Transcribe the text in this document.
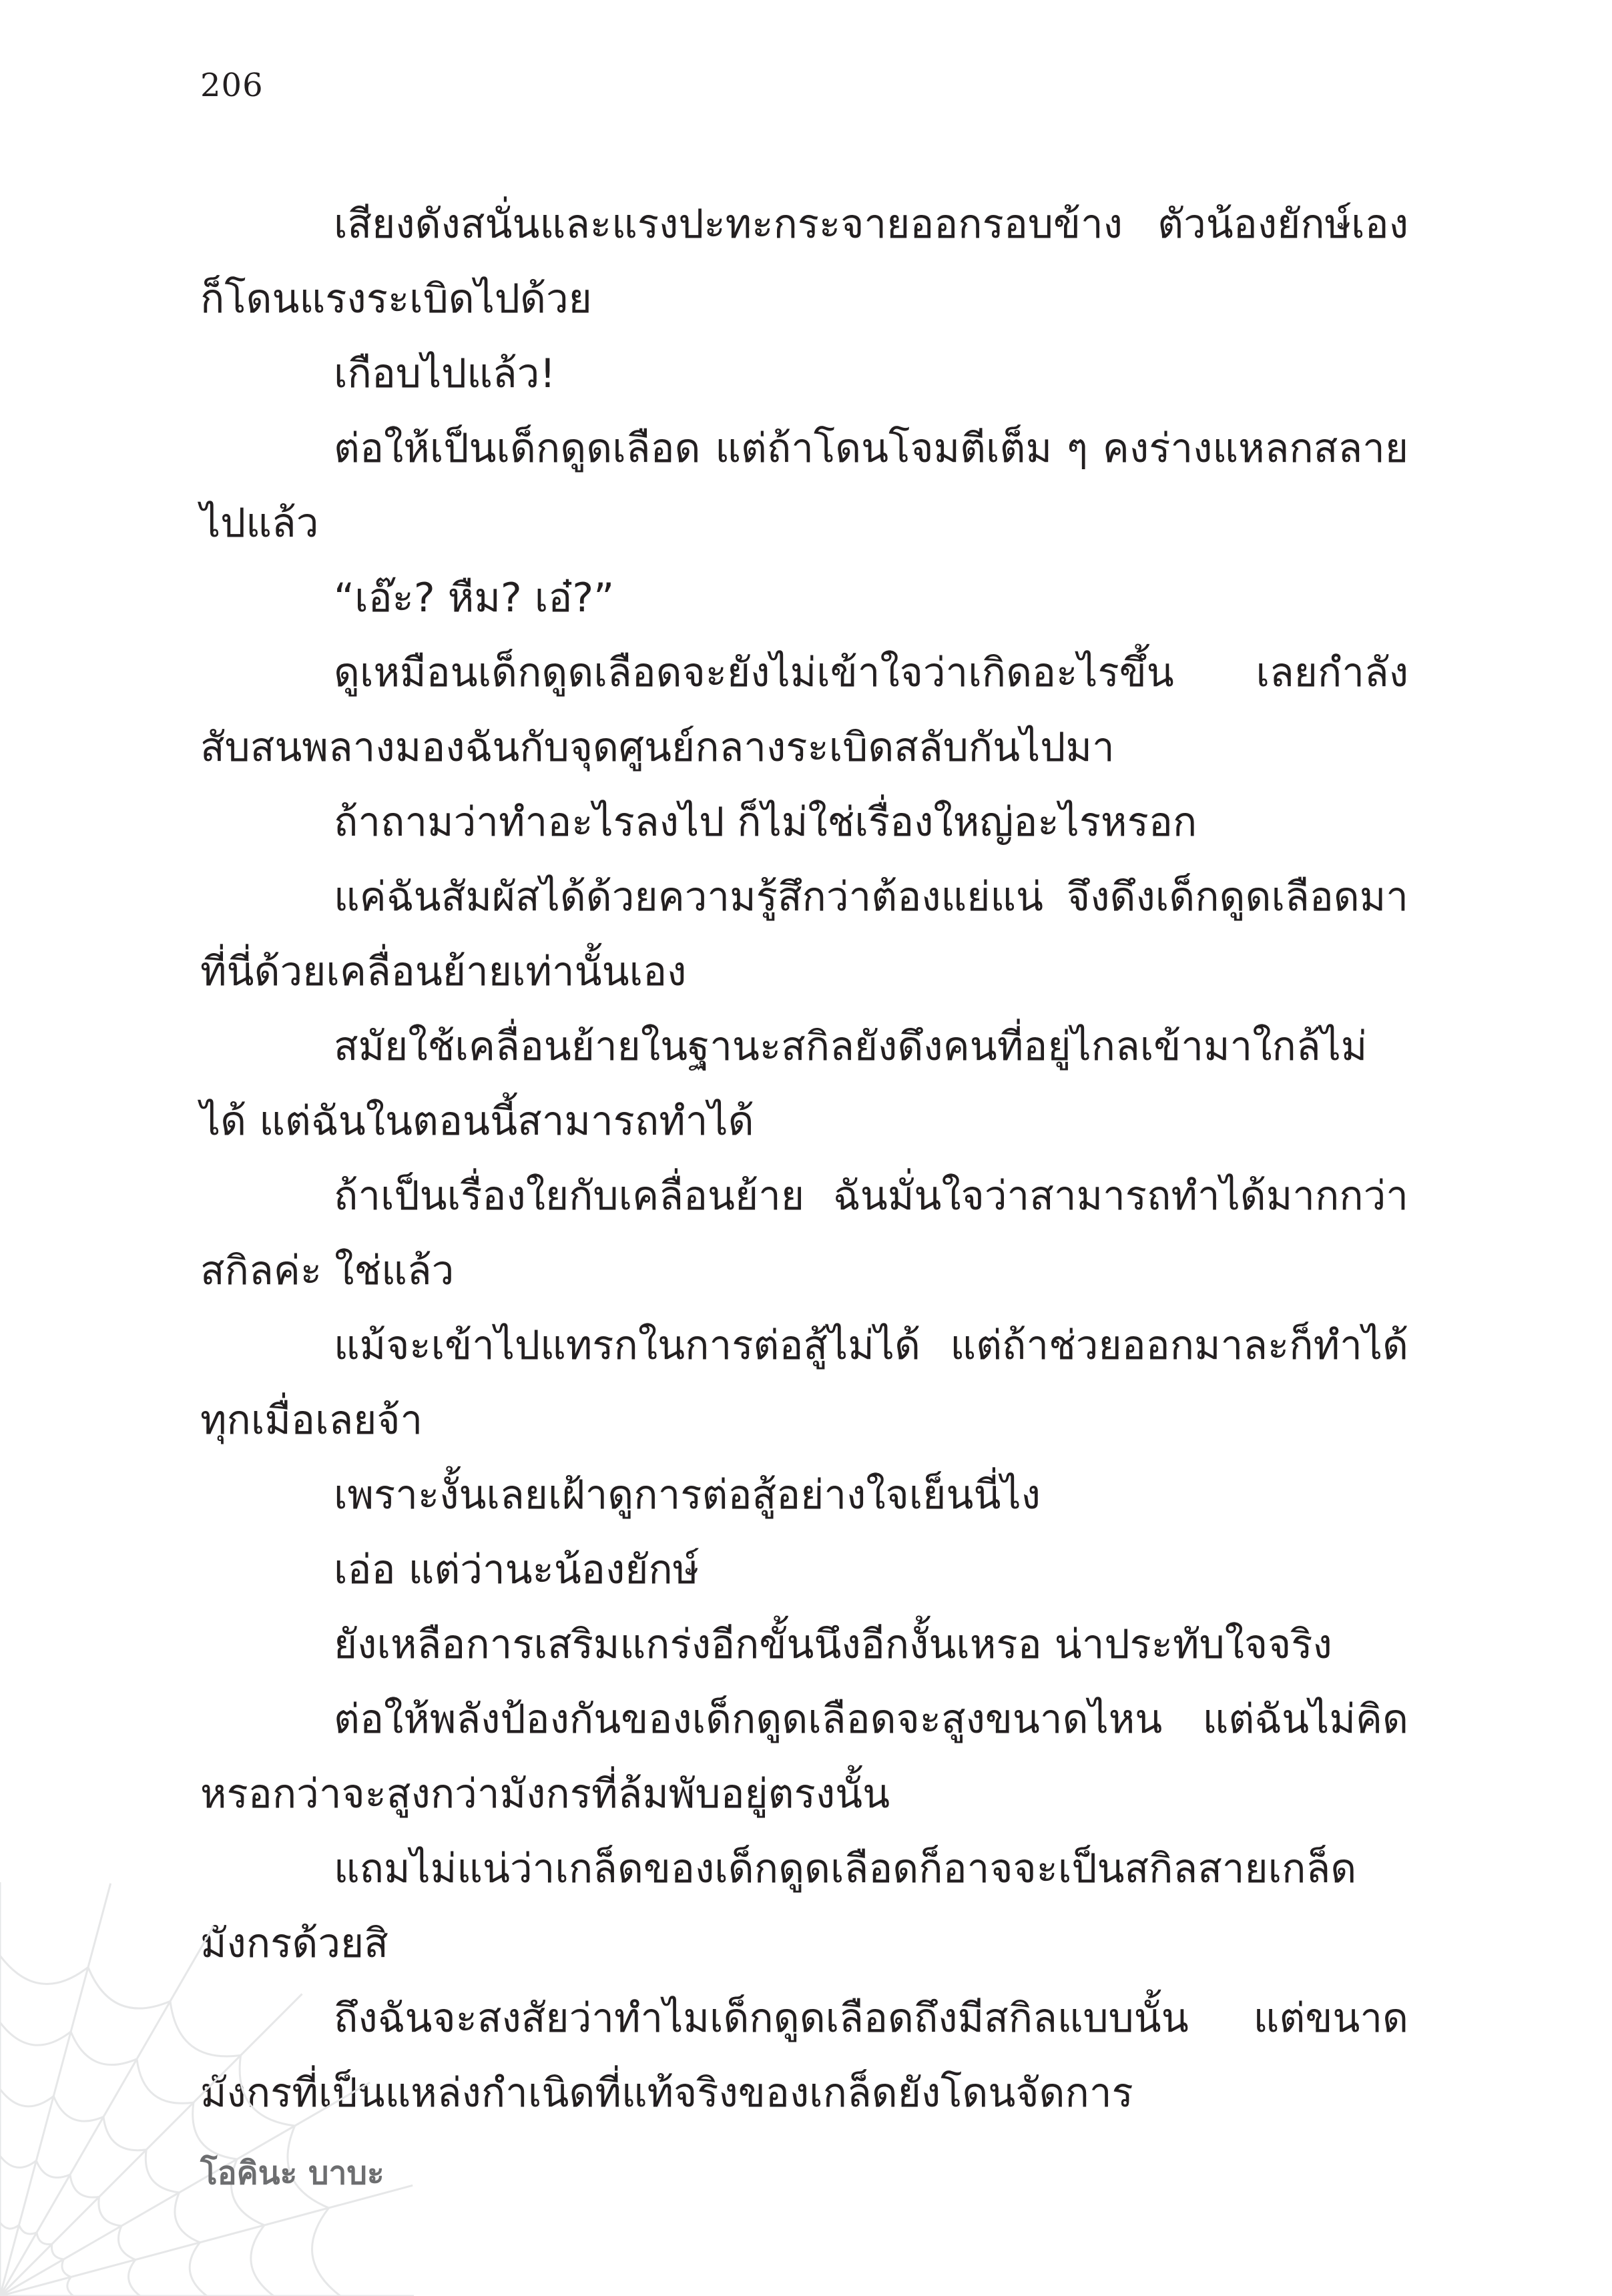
206

เสียงดังสนั่นและแรงปะทะกระจายออกรอบข้าง ตัวน้องยักษ์เองก็โดนแรงระเบิดไปด้วย

เกือบไปแล้ว!

ต่อให้เป็นเด็กดูดเลือด แต่ถ้าโดนโจมตีเต็ม ๆ คงร่างแหลกสลายไปแล้ว

“เอ๊ะ? หืม? เอ๋?”

ดูเหมือนเด็กดูดเลือดจะยังไม่เข้าใจว่าเกิดอะไรขึ้น เลยกำลังสับสนพลางมองฉันกับจุดศูนย์กลางระเบิดสลับกันไปมา

ถ้าถามว่าทำอะไรลงไป ก็ไม่ใช่เรื่องใหญ่อะไรหรอก

แค่ฉันสัมผัสได้ด้วยความรู้สึกว่าต้องแย่แน่ จึงดึงเด็กดูดเลือดมาที่นี่ด้วยเคลื่อนย้ายเท่านั้นเอง

สมัยใช้เคลื่อนย้ายในฐานะสกิลยังดึงคนที่อยู่ไกลเข้ามาใกล้ไม่ได้ แต่ฉันในตอนนี้สามารถทำได้

ถ้าเป็นเรื่องใยกับเคลื่อนย้าย ฉันมั่นใจว่าสามารถทำได้มากกว่าสกิลค่ะ ใช่แล้ว

แม้จะเข้าไปแทรกในการต่อสู้ไม่ได้ แต่ถ้าช่วยออกมาละก็ทำได้ทุกเมื่อเลยจ้า

เพราะงั้นเลยเฝ้าดูการต่อสู้อย่างใจเย็นนี่ไง

เอ่อ แต่ว่านะน้องยักษ์

ยังเหลือการเสริมแกร่งอีกขั้นนึงอีกงั้นเหรอ น่าประทับใจจริง

ต่อให้พลังป้องกันของเด็กดูดเลือดจะสูงขนาดไหน แต่ฉันไม่คิดหรอกว่าจะสูงกว่ามังกรที่ล้มพับอยู่ตรงนั้น

แถมไม่แน่ว่าเกล็ดของเด็กดูดเลือดก็อาจจะเป็นสกิลสายเกล็ดมังกรด้วยสิ

ถึงฉันจะสงสัยว่าทำไมเด็กดูดเลือดถึงมีสกิลแบบนั้น แต่ขนาดมังกรที่เป็นแหล่งกำเนิดที่แท้จริงของเกล็ดยังโดนจัดการ

โอคินะ บาบะ
